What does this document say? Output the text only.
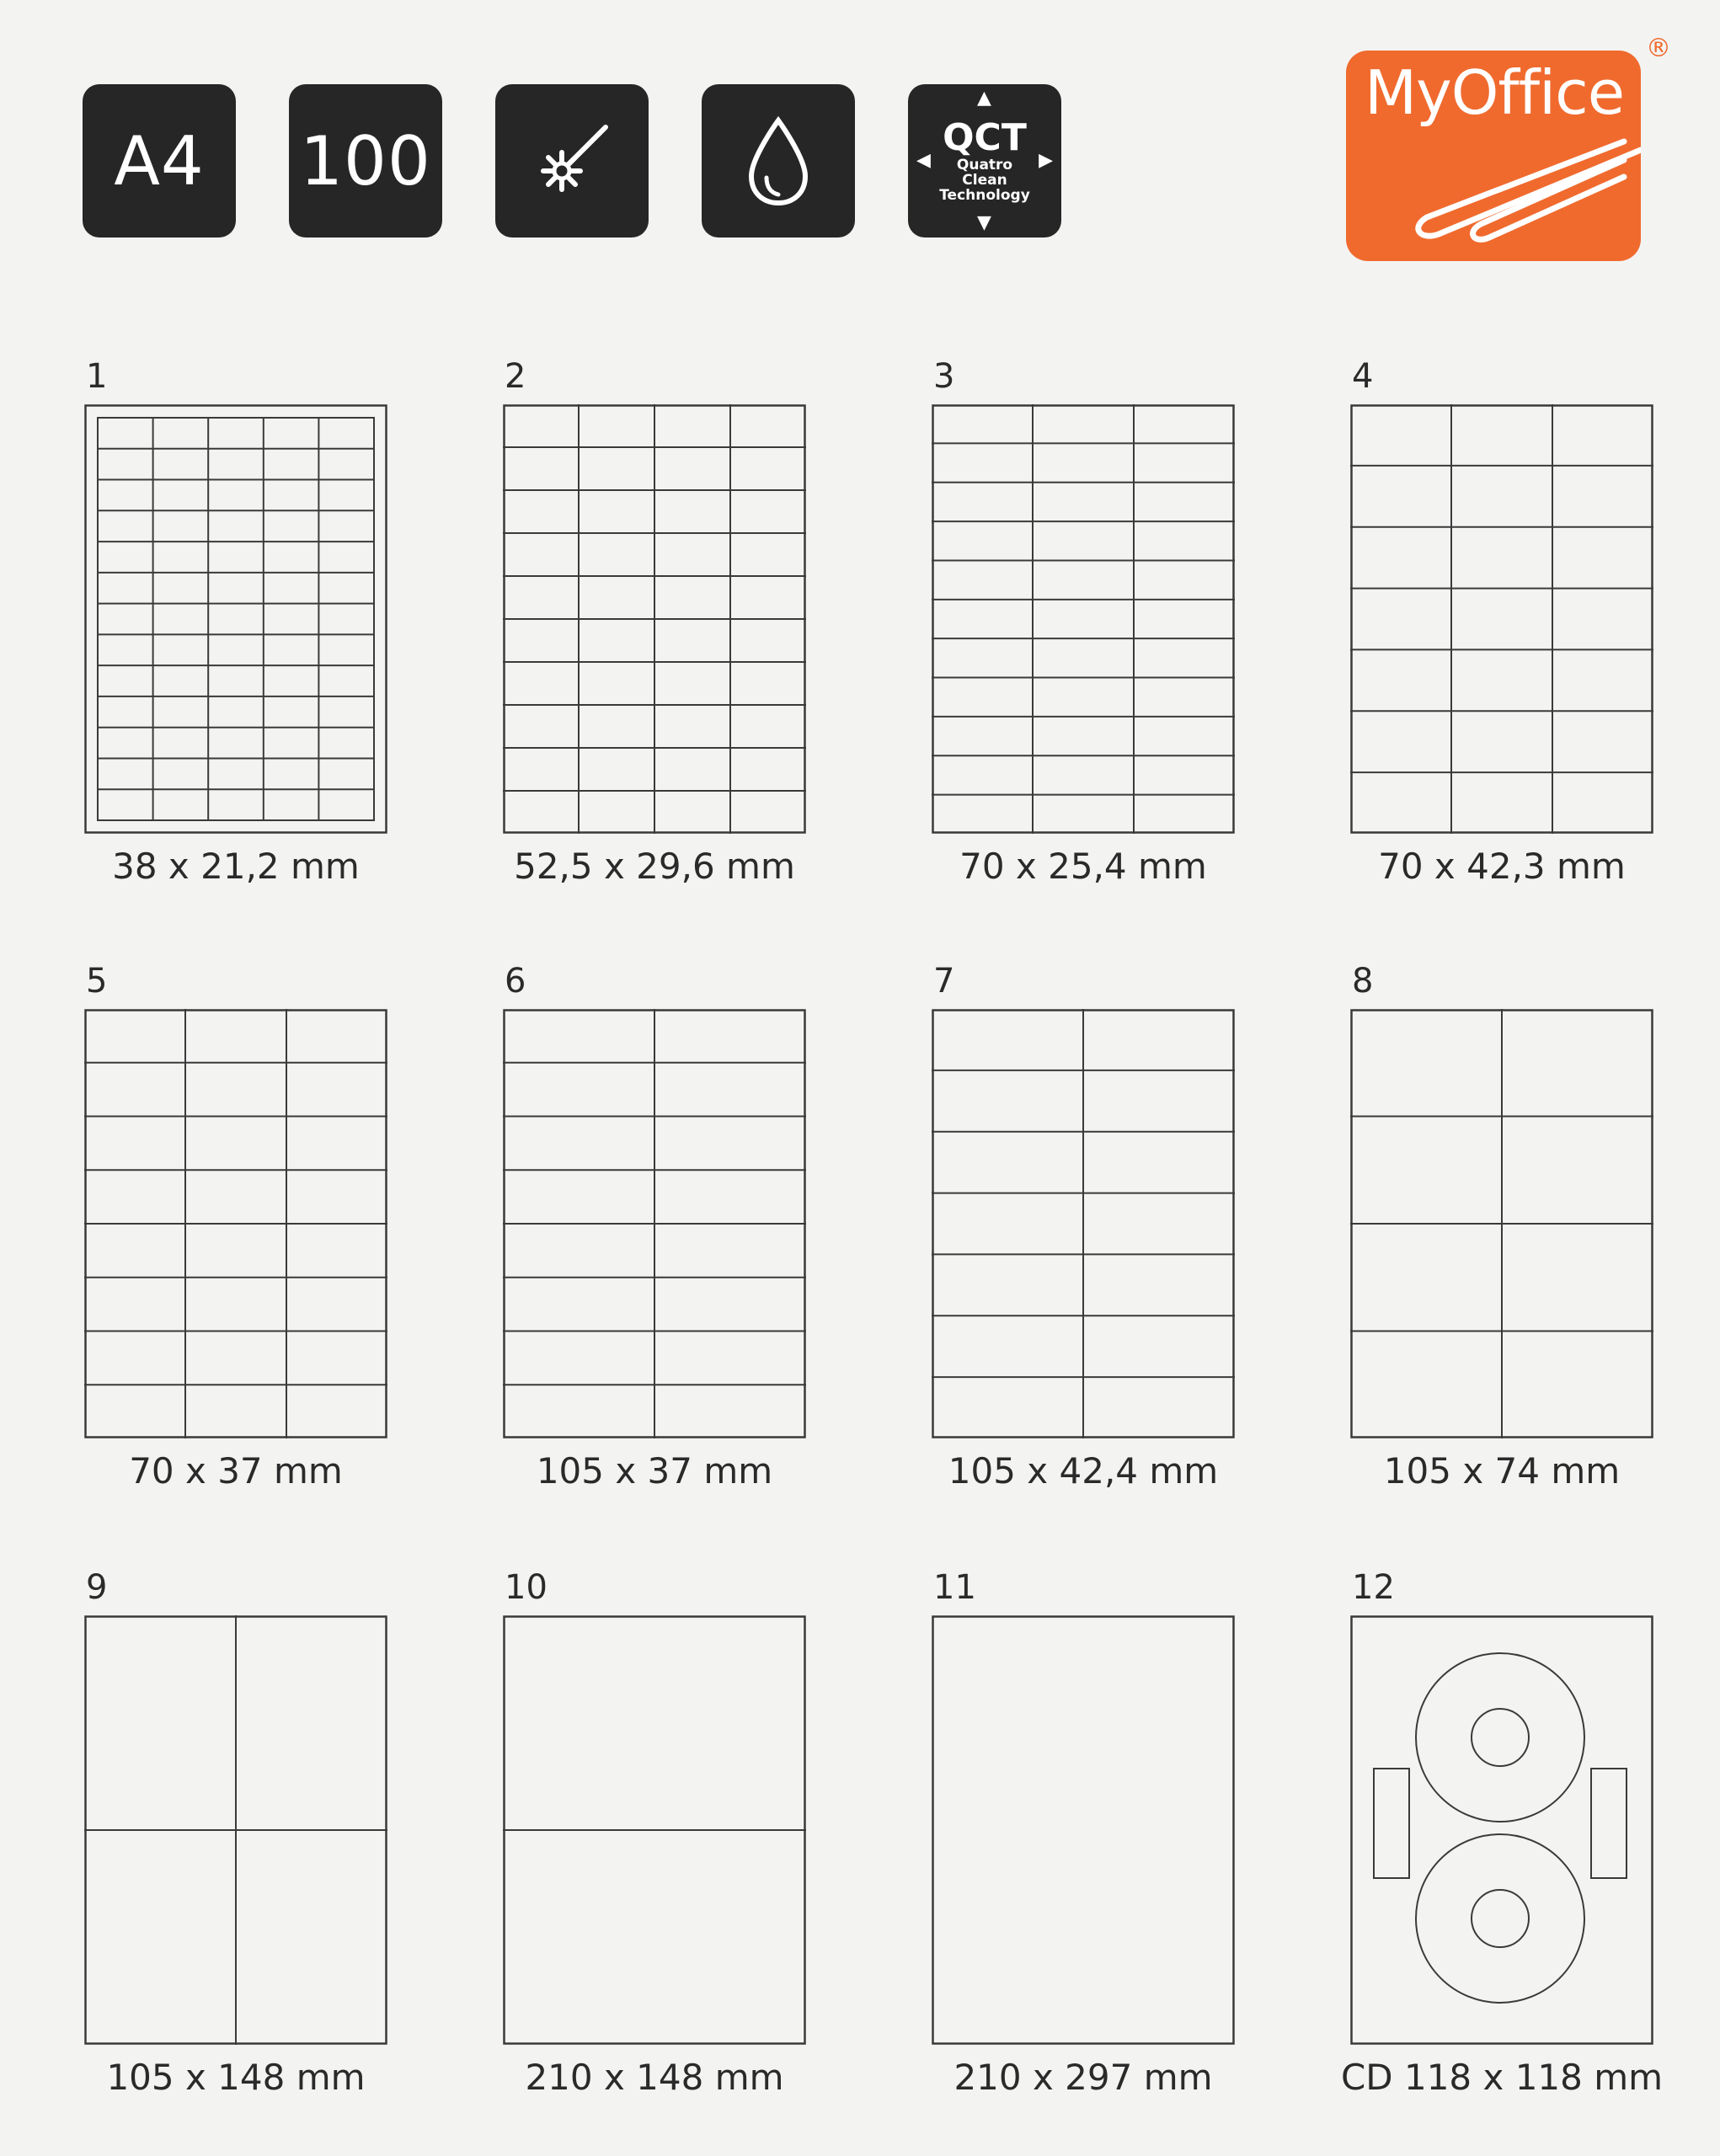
A4 100
▲
▼
◀	▶
QCT
Quatro
Clean
Technology
MyOffice
®
1
38 x 21,2 mm
2
52,5 x 29,6 mm
3
70 x 25,4 mm
4
70 x 42,3 mm
5
70 x 37 mm
6
105 x 37 mm
7
105 x 42,4 mm
8
105 x 74 mm
9
105 x 148 mm
10
210 x 148 mm
11
210 x 297 mm
12
CD 118 x 118 mm
